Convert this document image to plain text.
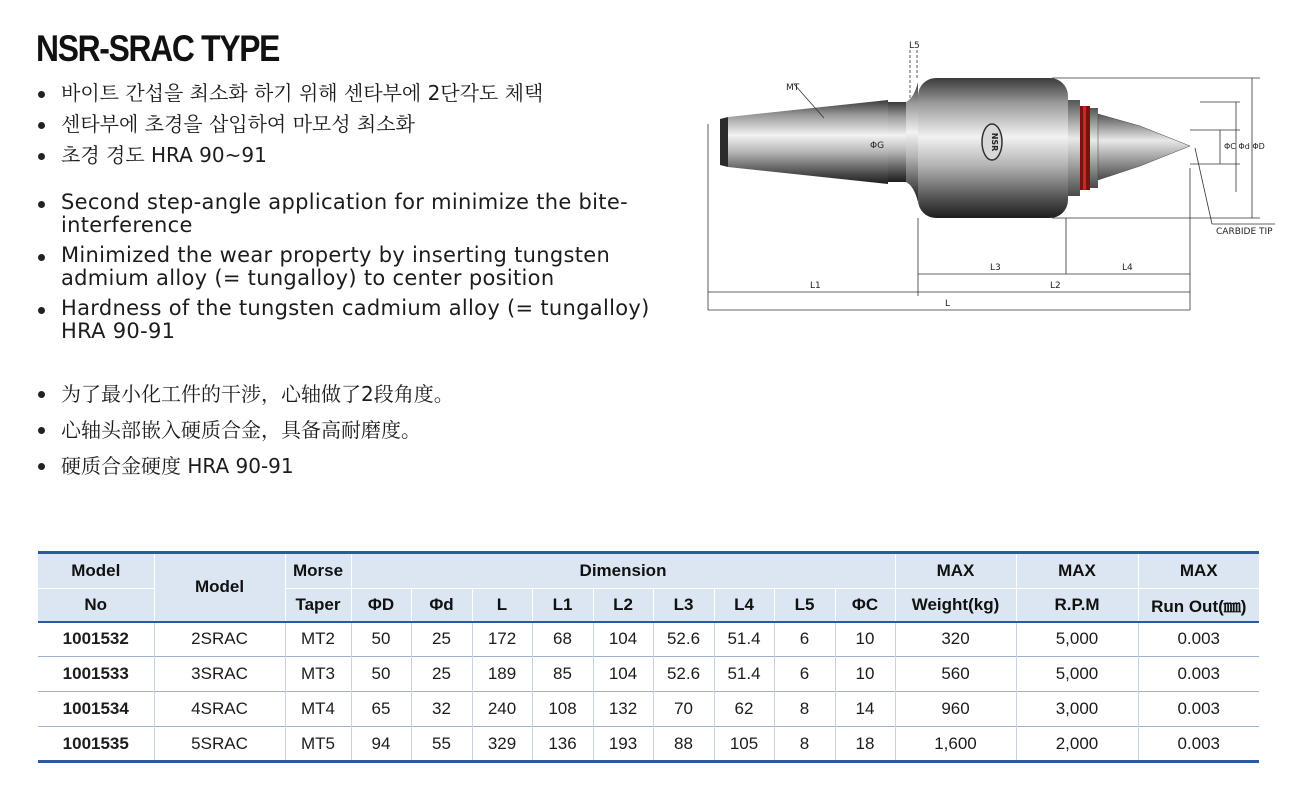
NSR-SRAC TYPE
바이트 간섭을 최소화 하기 위해 센타부에 2단각도 체택
센타부에 초경을 삽입하여 마모성 최소화
초경 경도 HRA 90~91
Second step-angle application for minimize the bite-interference
Minimized the wear property by inserting tungsten admium alloy (= tungalloy) to center position
Hardness of the tungsten cadmium alloy (= tungalloy) HRA 90-91
为了最小化工件的干涉，心轴做了2段角度。
心轴头部嵌入硬质合金，具备高耐磨度。
硬质合金硬度 HRA 90-91
NSR
MT
L5
ΦG	ΦC Φd ΦD
CARBIDE TIP
L3	L4
L1	L2
L
Model	Model	Morse	Dimension									MAX	MAX	MAX
No		Taper	ΦD	Φd	L	L1	L2	L3	L4	L5	ΦC	Weight(kg)	R.P.M	Run Out(㎜)
1001532	2SRAC	MT2	50	25	172	68	104	52.6	51.4	6	10	320	5,000	0.003
1001533	3SRAC	MT3	50	25	189	85	104	52.6	51.4	6	10	560	5,000	0.003
1001534	4SRAC	MT4	65	32	240	108	132	70	62	8	14	960	3,000	0.003
1001535	5SRAC	MT5	94	55	329	136	193	88	105	8	18	1,600	2,000	0.003
